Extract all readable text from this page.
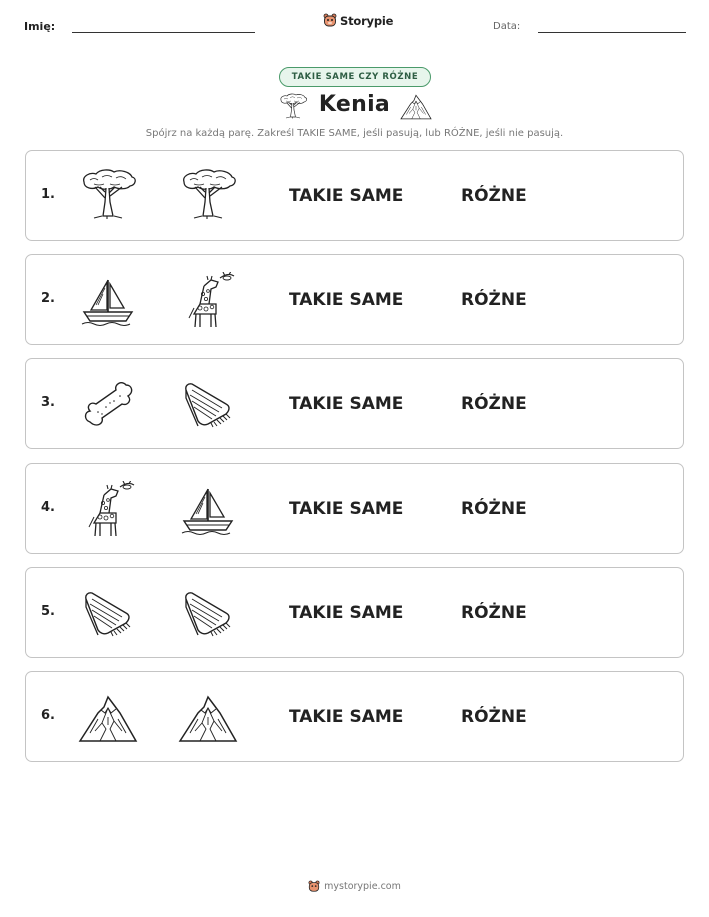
Imię:	Storypie	Data:
TAKIE SAME CZY RÓŻNE
Kenia
Spójrz na każdą parę. Zakreśl TAKIE SAME, jeśli pasują, lub RÓŻNE, jeśli nie pasują.
1.	TAKIE SAME	RÓŻNE
2.	TAKIE SAME	RÓŻNE
3.	TAKIE SAME	RÓŻNE
4.	TAKIE SAME	RÓŻNE
5.	TAKIE SAME	RÓŻNE
6.	TAKIE SAME	RÓŻNE
mystorypie.com
